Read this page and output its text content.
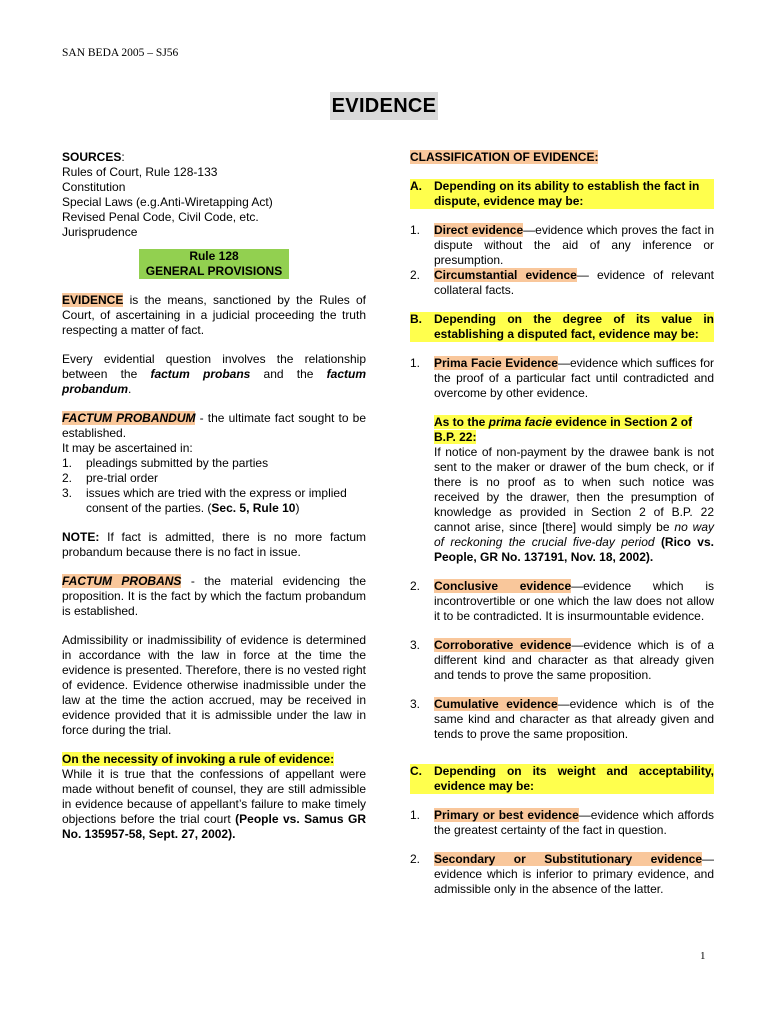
SAN BEDA 2005 – SJ56
EVIDENCE

SOURCES:

Rules of Court, Rule 128-133

Constitution

Special Laws (e.g.Anti-Wiretapping Act)

Revised Penal Code, Civil Code, etc.

Jurisprudence

Rule 128
GENERAL PROVISIONS

EVIDENCE is the means, sanctioned by the Rules of Court, of ascertaining in a judicial proceeding the truth respecting a matter of fact.

Every evidential question involves the relationship between the factum probans and the factum probandum.

FACTUM PROBANDUM - the ultimate fact sought to be established.

It may be ascertained in:

1.	pleadings submitted by the parties
2.	pre-trial order
3.	issues which are tried with the express or implied consent of the parties. (Sec. 5, Rule 10)

NOTE: If fact is admitted, there is no more factum probandum because there is no fact in issue.

FACTUM PROBANS - the material evidencing the proposition. It is the fact by which the factum probandum is established.

Admissibility or inadmissibility of evidence is determined in accordance with the law in force at the time the evidence is presented. Therefore, there is no vested right of evidence. Evidence otherwise inadmissible under the law at the time the action accrued, may be received in evidence provided that it is admissible under the law in force during the trial.

On the necessity of invoking a rule of evidence:

While it is true that the confessions of appellant were made without benefit of counsel, they are still admissible in evidence because of appellant’s failure to make timely objections before the trial court (People vs. Samus GR No. 135957-58, Sept. 27, 2002).

CLASSIFICATION OF EVIDENCE:

A.	Depending on its ability to establish the fact in dispute, evidence may be:
1.	Direct evidence—evidence which proves the fact in dispute without the aid of any inference or presumption.
2.	Circumstantial evidence— evidence of relevant collateral facts.
B.	Depending on the degree of its value in establishing a disputed fact, evidence may be:
1.	Prima Facie Evidence—evidence which suffices for the proof of a particular fact until contradicted and overcome by other evidence.
As to the prima facie evidence in Section 2 of B.P. 22:
If notice of non-payment by the drawee bank is not sent to the maker or drawer of the bum check, or if there is no proof as to when such notice was received by the drawer, then the presumption of knowledge as provided in Section 2 of B.P. 22 cannot arise, since [there] would simply be no way of reckoning the crucial five-day period (Rico vs. People, GR No. 137191, Nov. 18, 2002).
2.	Conclusive evidence—evidence which is incontrovertible or one which the law does not allow it to be contradicted. It is insurmountable evidence.
3.	Corroborative evidence—evidence which is of a different kind and character as that already given and tends to prove the same proposition.
3.	Cumulative evidence—evidence which is of the same kind and character as that already given and tends to prove the same proposition.
C.	Depending on its weight and acceptability, evidence may be:
1.	Primary or best evidence—evidence which affords the greatest certainty of the fact in question.
2.	Secondary or Substitutionary evidence—evidence which is inferior to primary evidence, and admissible only in the absence of the latter.
1
